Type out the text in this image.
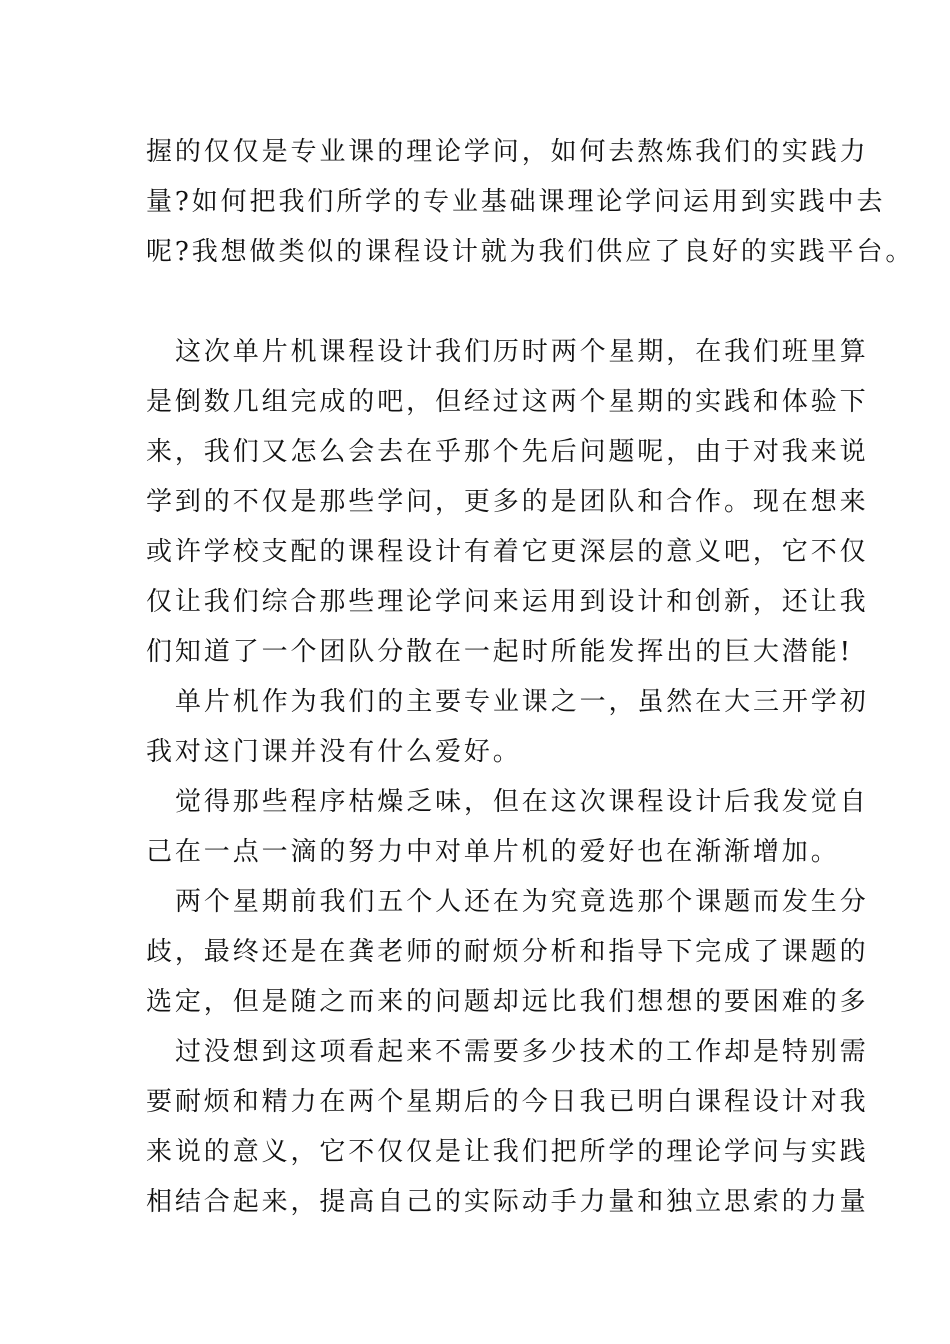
握的仅仅是专业课的理论学问，如何去熬炼我们的实践力
量?如何把我们所学的专业基础课理论学问运用到实践中去
呢?我想做类似的课程设计就为我们供应了良好的实践平台。
这次单片机课程设计我们历时两个星期，在我们班里算
是倒数几组完成的吧，但经过这两个星期的实践和体验下
来，我们又怎么会去在乎那个先后问题呢，由于对我来说
学到的不仅是那些学问，更多的是团队和合作。现在想来
或许学校支配的课程设计有着它更深层的意义吧，它不仅
仅让我们综合那些理论学问来运用到设计和创新，还让我
们知道了一个团队分散在一起时所能发挥出的巨大潜能!
单片机作为我们的主要专业课之一，虽然在大三开学初
我对这门课并没有什么爱好。
觉得那些程序枯燥乏味，但在这次课程设计后我发觉自
己在一点一滴的努力中对单片机的爱好也在渐渐增加。
两个星期前我们五个人还在为究竟选那个课题而发生分
歧，最终还是在龚老师的耐烦分析和指导下完成了课题的
选定，但是随之而来的问题却远比我们想想的要困难的多
过没想到这项看起来不需要多少技术的工作却是特别需
要耐烦和精力在两个星期后的今日我已明白课程设计对我
来说的意义，它不仅仅是让我们把所学的理论学问与实践
相结合起来，提高自己的实际动手力量和独立思索的力量
